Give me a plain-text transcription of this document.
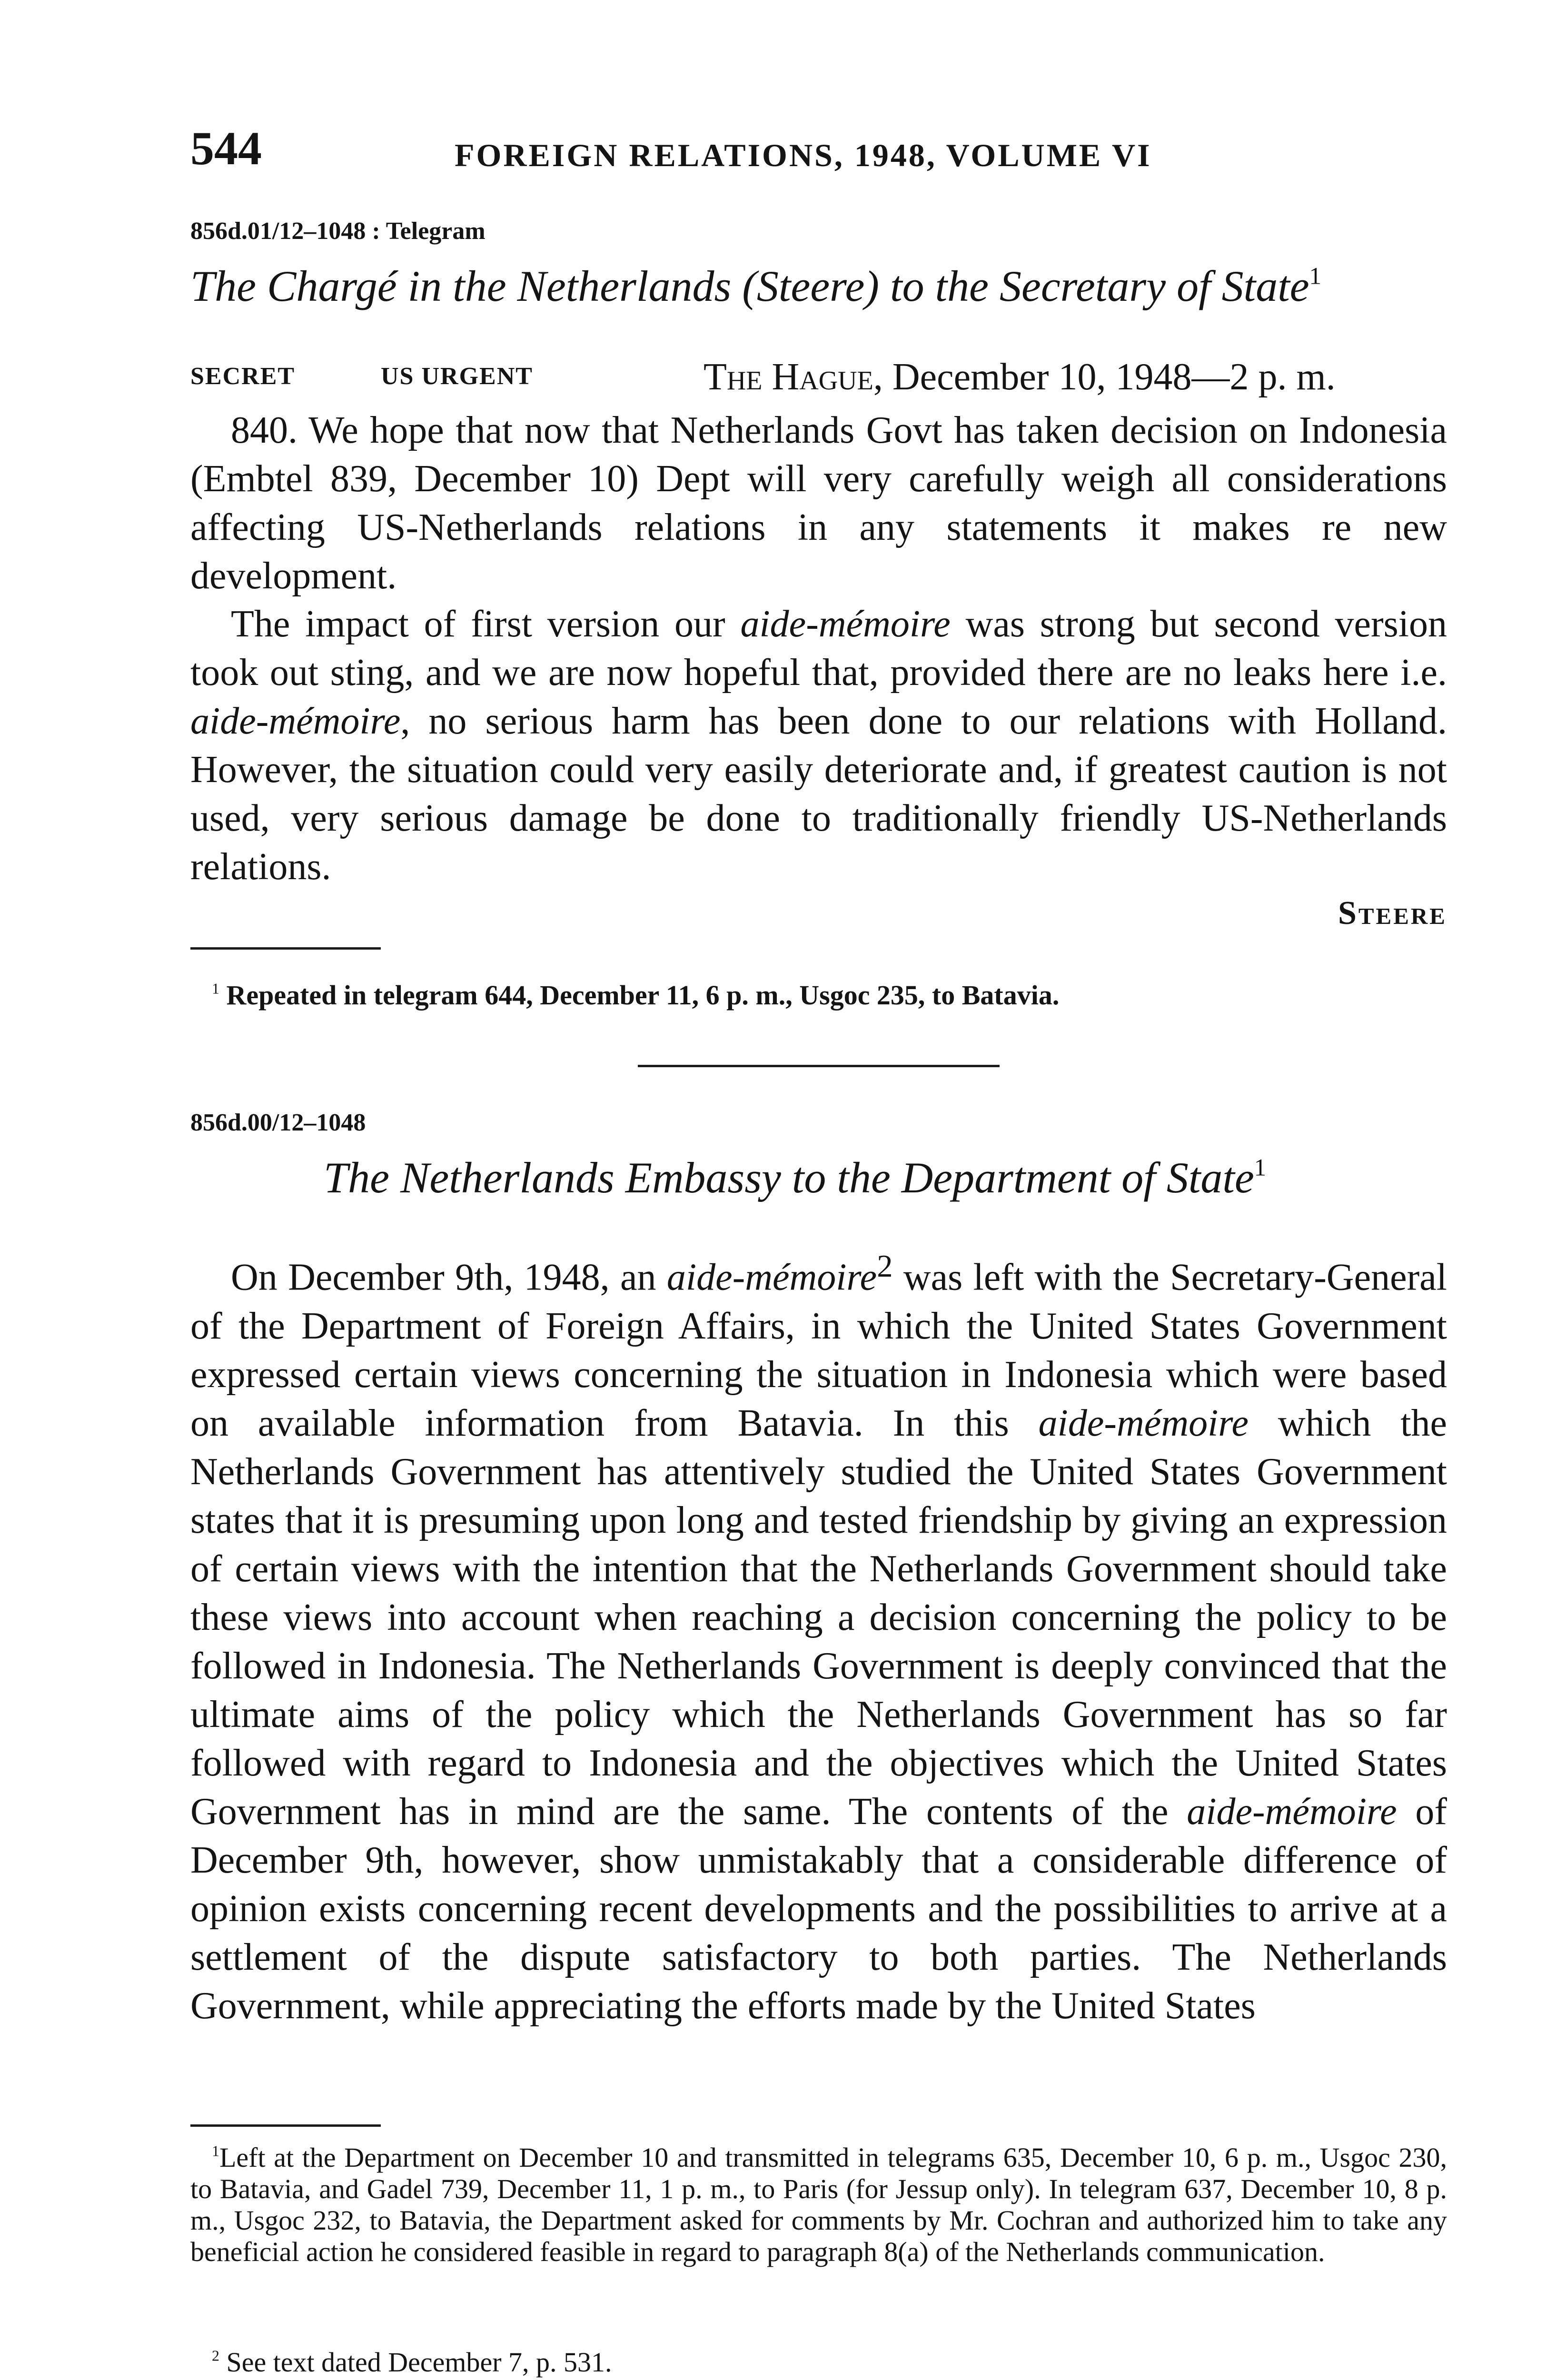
544	FOREIGN RELATIONS, 1948, VOLUME VI
856d.01/12–1048 : Telegram
The Chargé in the Netherlands (Steere) to the Secretary of State$^1$
SECRET	US URGENT	The Hague, December 10, 1948—2 p. m.
840. We hope that now that Netherlands Govt has taken decision on Indonesia (Embtel 839, December 10) Dept will very carefully weigh all considerations affecting US-Netherlands relations in any statements it makes re new development.
The impact of first version our aide-mémoire was strong but second version took out sting, and we are now hopeful that, provided there are no leaks here i.e. aide-mémoire, no serious harm has been done to our relations with Holland. However, the situation could very easily deteriorate and, if greatest caution is not used, very serious damage be done to traditionally friendly US-Netherlands relations.
Steere
$^1$ Repeated in telegram 644, December 11, 6 p. m., Usgoc 235, to Batavia.
856d.00/12–1048
The Netherlands Embassy to the Department of State$^1$
On December 9th, 1948, an aide-mémoire$^2$ was left with the Secretary-General of the Department of Foreign Affairs, in which the United States Government expressed certain views concerning the situation in Indonesia which were based on available information from Batavia. In this aide-mémoire which the Netherlands Government has attentively studied the United States Government states that it is presuming upon long and tested friendship by giving an expression of certain views with the intention that the Netherlands Government should take these views into account when reaching a decision concerning the policy to be followed in Indonesia. The Netherlands Government is deeply convinced that the ultimate aims of the policy which the Netherlands Government has so far followed with regard to Indonesia and the objectives which the United States Government has in mind are the same. The contents of the aide-mémoire of December 9th, however, show unmistakably that a considerable difference of opinion exists concerning recent developments and the possibilities to arrive at a settlement of the dispute satisfactory to both parties. The Netherlands Government, while appreciating the efforts made by the United States
$^1$Left at the Department on December 10 and transmitted in telegrams 635, December 10, 6 p. m., Usgoc 230, to Batavia, and Gadel 739, December 11, 1 p. m., to Paris (for Jessup only). In telegram 637, December 10, 8 p. m., Usgoc 232, to Batavia, the Department asked for comments by Mr. Cochran and authorized him to take any beneficial action he considered feasible in regard to paragraph 8(a) of the Netherlands communication.
$^2$ See text dated December 7, p. 531.
